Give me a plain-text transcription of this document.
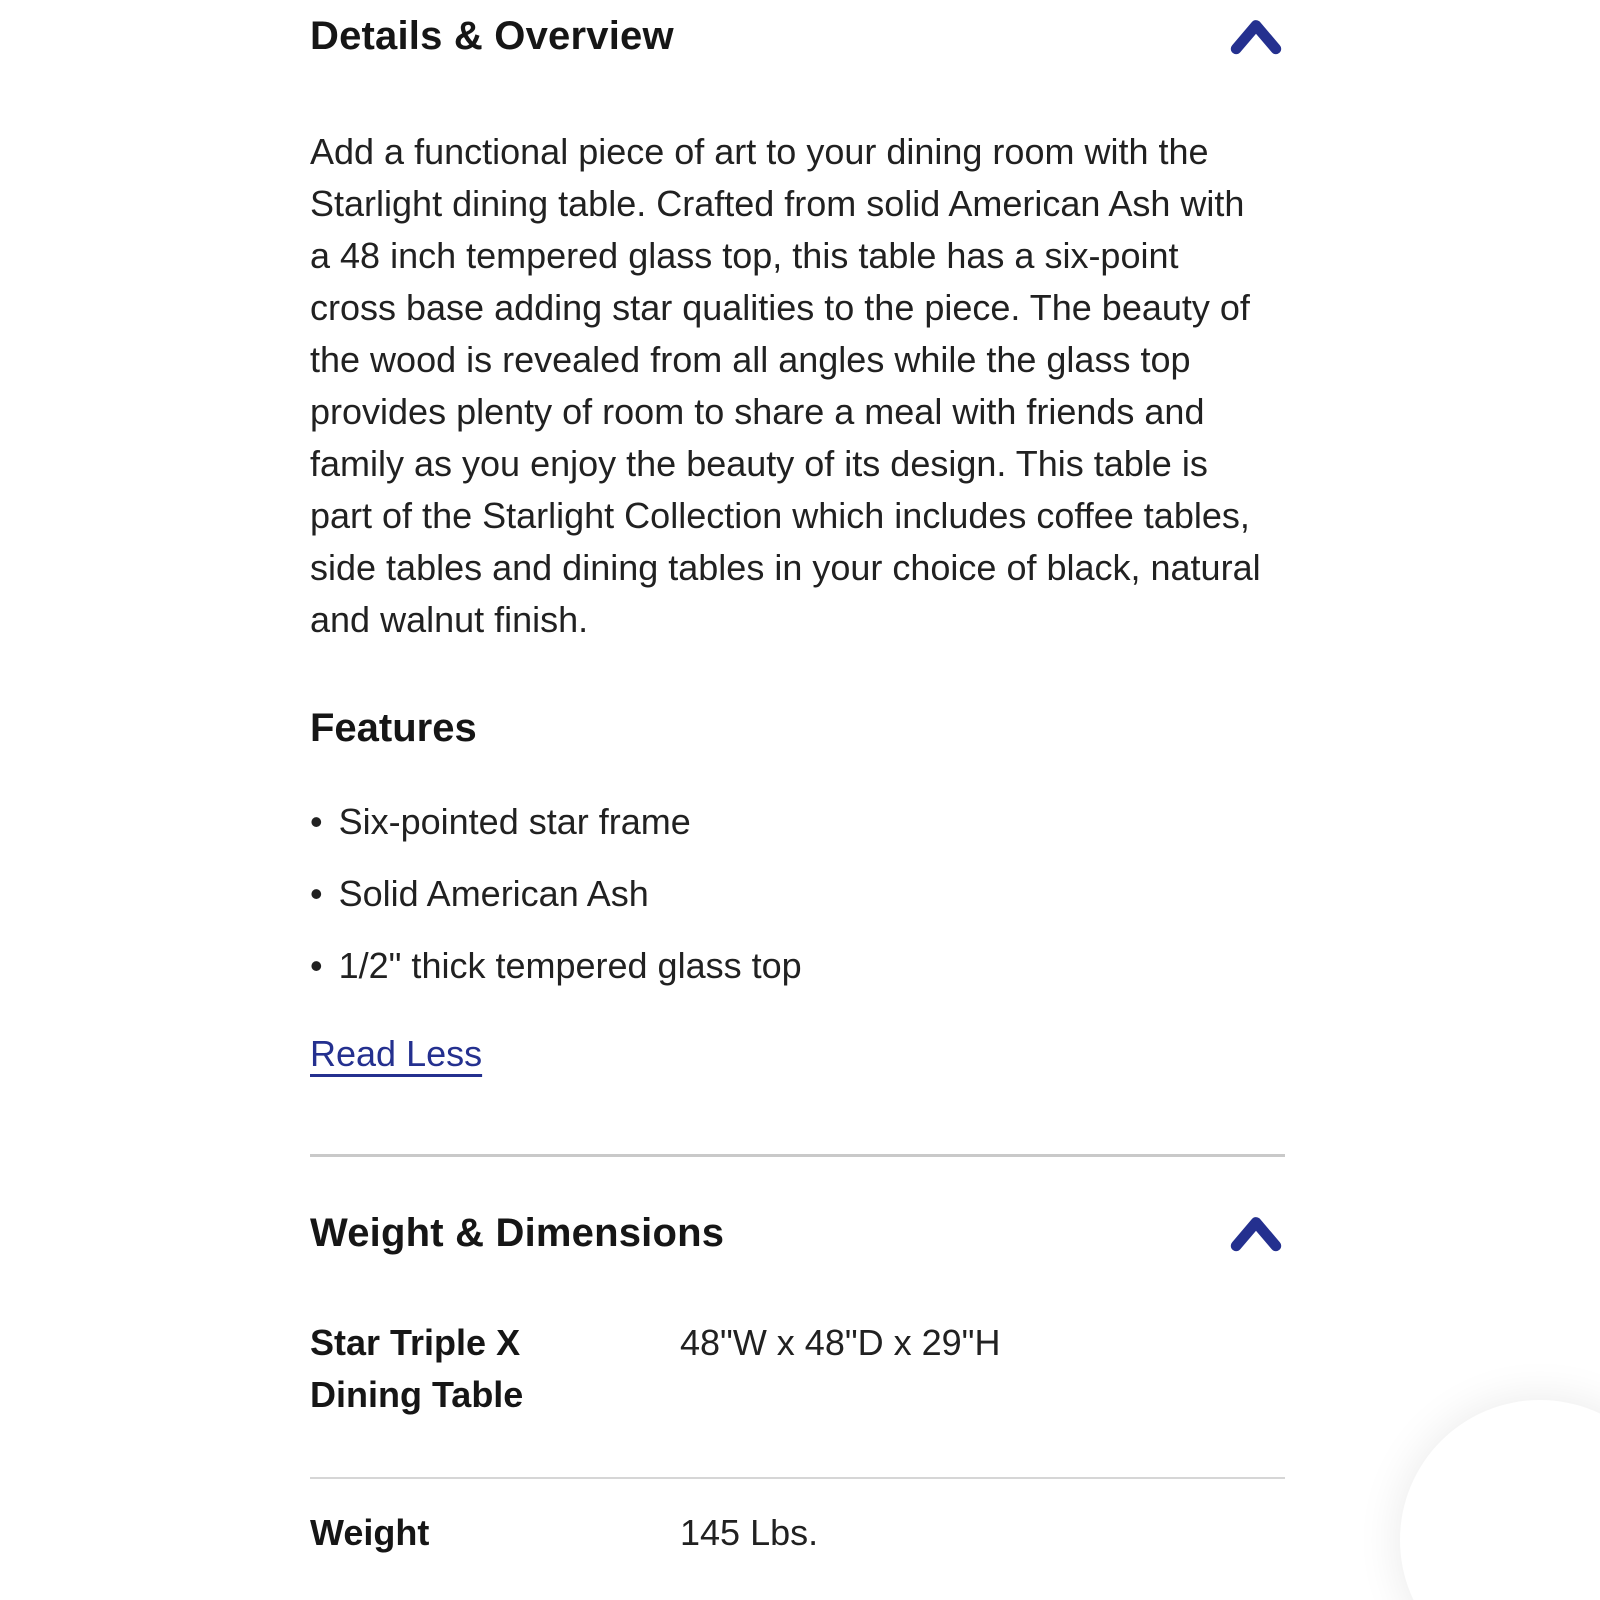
Details & Overview

Add a functional piece of art to your dining room with the Starlight dining table. Crafted from solid American Ash with a 48 inch tempered glass top, this table has a six-point cross base adding star qualities to the piece. The beauty of the wood is revealed from all angles while the glass top provides plenty of room to share a meal with friends and family as you enjoy the beauty of its design. This table is part of the Starlight Collection which includes coffee tables, side tables and dining tables in your choice of black, natural and walnut finish.

Features
• Six-pointed star frame
• Solid American Ash
• 1/2" thick tempered glass top
Read Less
Weight & Dimensions
Star Triple X Dining Table
48"W x 48"D x 29"H
Weight	145 Lbs.
